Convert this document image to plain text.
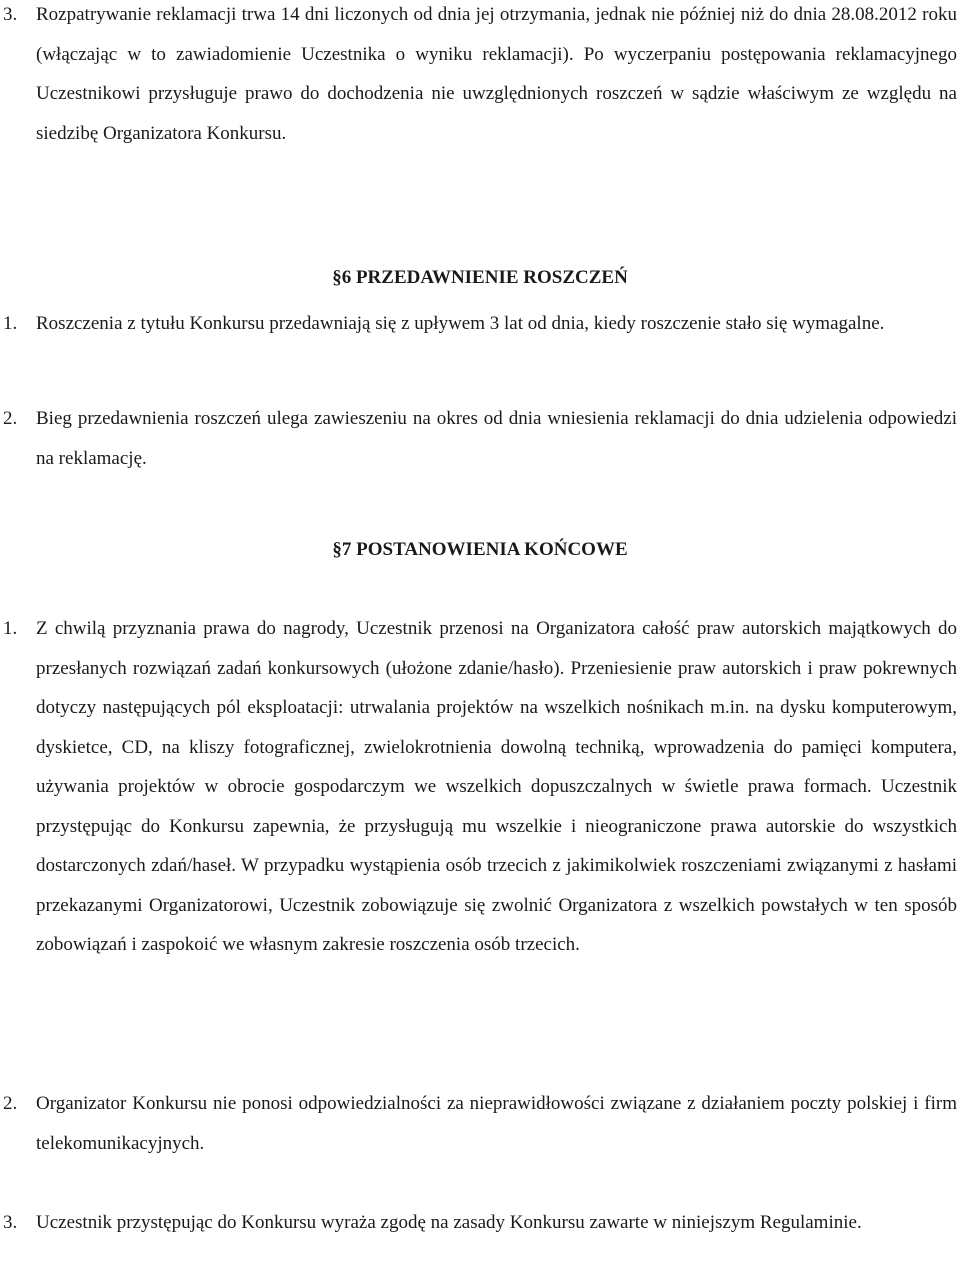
3. Rozpatrywanie reklamacji trwa 14 dni liczonych od dnia jej otrzymania, jednak nie później niż do dnia 28.08.2012 roku (włączając w to zawiadomienie Uczestnika o wyniku reklamacji). Po wyczerpaniu postępowania reklamacyjnego Uczestnikowi przysługuje prawo do dochodzenia nie uwzględnionych roszczeń w sądzie właściwym ze względu na siedzibę Organizatora Konkursu.

§6 PRZEDAWNIENIE ROSZCZEŃ

1. Roszczenia z tytułu Konkursu przedawniają się z upływem 3 lat od dnia, kiedy roszczenie stało się wymagalne.

2. Bieg przedawnienia roszczeń ulega zawieszeniu na okres od dnia wniesienia reklamacji do dnia udzielenia odpowiedzi na reklamację.

§7 POSTANOWIENIA KOŃCOWE

1. Z chwilą przyznania prawa do nagrody, Uczestnik przenosi na Organizatora całość praw autorskich majątkowych do przesłanych rozwiązań zadań konkursowych (ułożone zdanie/hasło). Przeniesienie praw autorskich i praw pokrewnych dotyczy następujących pól eksploatacji: utrwalania projektów na wszelkich nośnikach m.in. na dysku komputerowym, dyskietce, CD, na kliszy fotograficznej, zwielokrotnienia dowolną techniką, wprowadzenia do pamięci komputera, używania projektów w obrocie gospodarczym we wszelkich dopuszczalnych w świetle prawa formach. Uczestnik przystępując do Konkursu zapewnia, że przysługują mu wszelkie i nieograniczone prawa autorskie do wszystkich dostarczonych zdań/haseł. W przypadku wystąpienia osób trzecich z jakimikolwiek roszczeniami związanymi z hasłami przekazanymi Organizatorowi, Uczestnik zobowiązuje się zwolnić Organizatora z wszelkich powstałych w ten sposób zobowiązań i zaspokoić we własnym zakresie roszczenia osób trzecich.

2. Organizator Konkursu nie ponosi odpowiedzialności za nieprawidłowości związane z działaniem poczty polskiej i firm telekomunikacyjnych.

3. Uczestnik przystępując do Konkursu wyraża zgodę na zasady Konkursu zawarte w niniejszym Regulaminie.
